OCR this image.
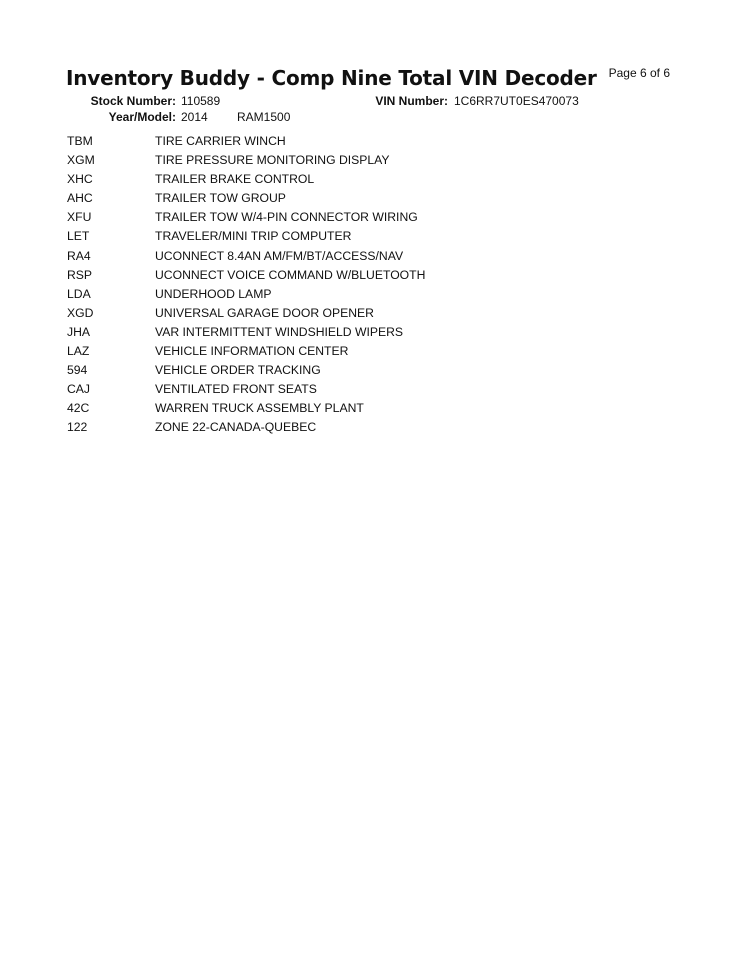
Inventory Buddy - Comp Nine Total VIN Decoder Page 6 of 6
Stock Number: 110589	VIN Number: 1C6RR7UT0ES470073
Year/Model: 2014 RAM1500
TBM	TIRE CARRIER WINCH
XGM	TIRE PRESSURE MONITORING DISPLAY
XHC	TRAILER BRAKE CONTROL
AHC	TRAILER TOW GROUP
XFU	TRAILER TOW W/4-PIN CONNECTOR WIRING
LET	TRAVELER/MINI TRIP COMPUTER
RA4	UCONNECT 8.4AN AM/FM/BT/ACCESS/NAV
RSP	UCONNECT VOICE COMMAND W/BLUETOOTH
LDA	UNDERHOOD LAMP
XGD	UNIVERSAL GARAGE DOOR OPENER
JHA	VAR INTERMITTENT WINDSHIELD WIPERS
LAZ	VEHICLE INFORMATION CENTER
594	VEHICLE ORDER TRACKING
CAJ	VENTILATED FRONT SEATS
42C	WARREN TRUCK ASSEMBLY PLANT
122	ZONE 22-CANADA-QUEBEC
